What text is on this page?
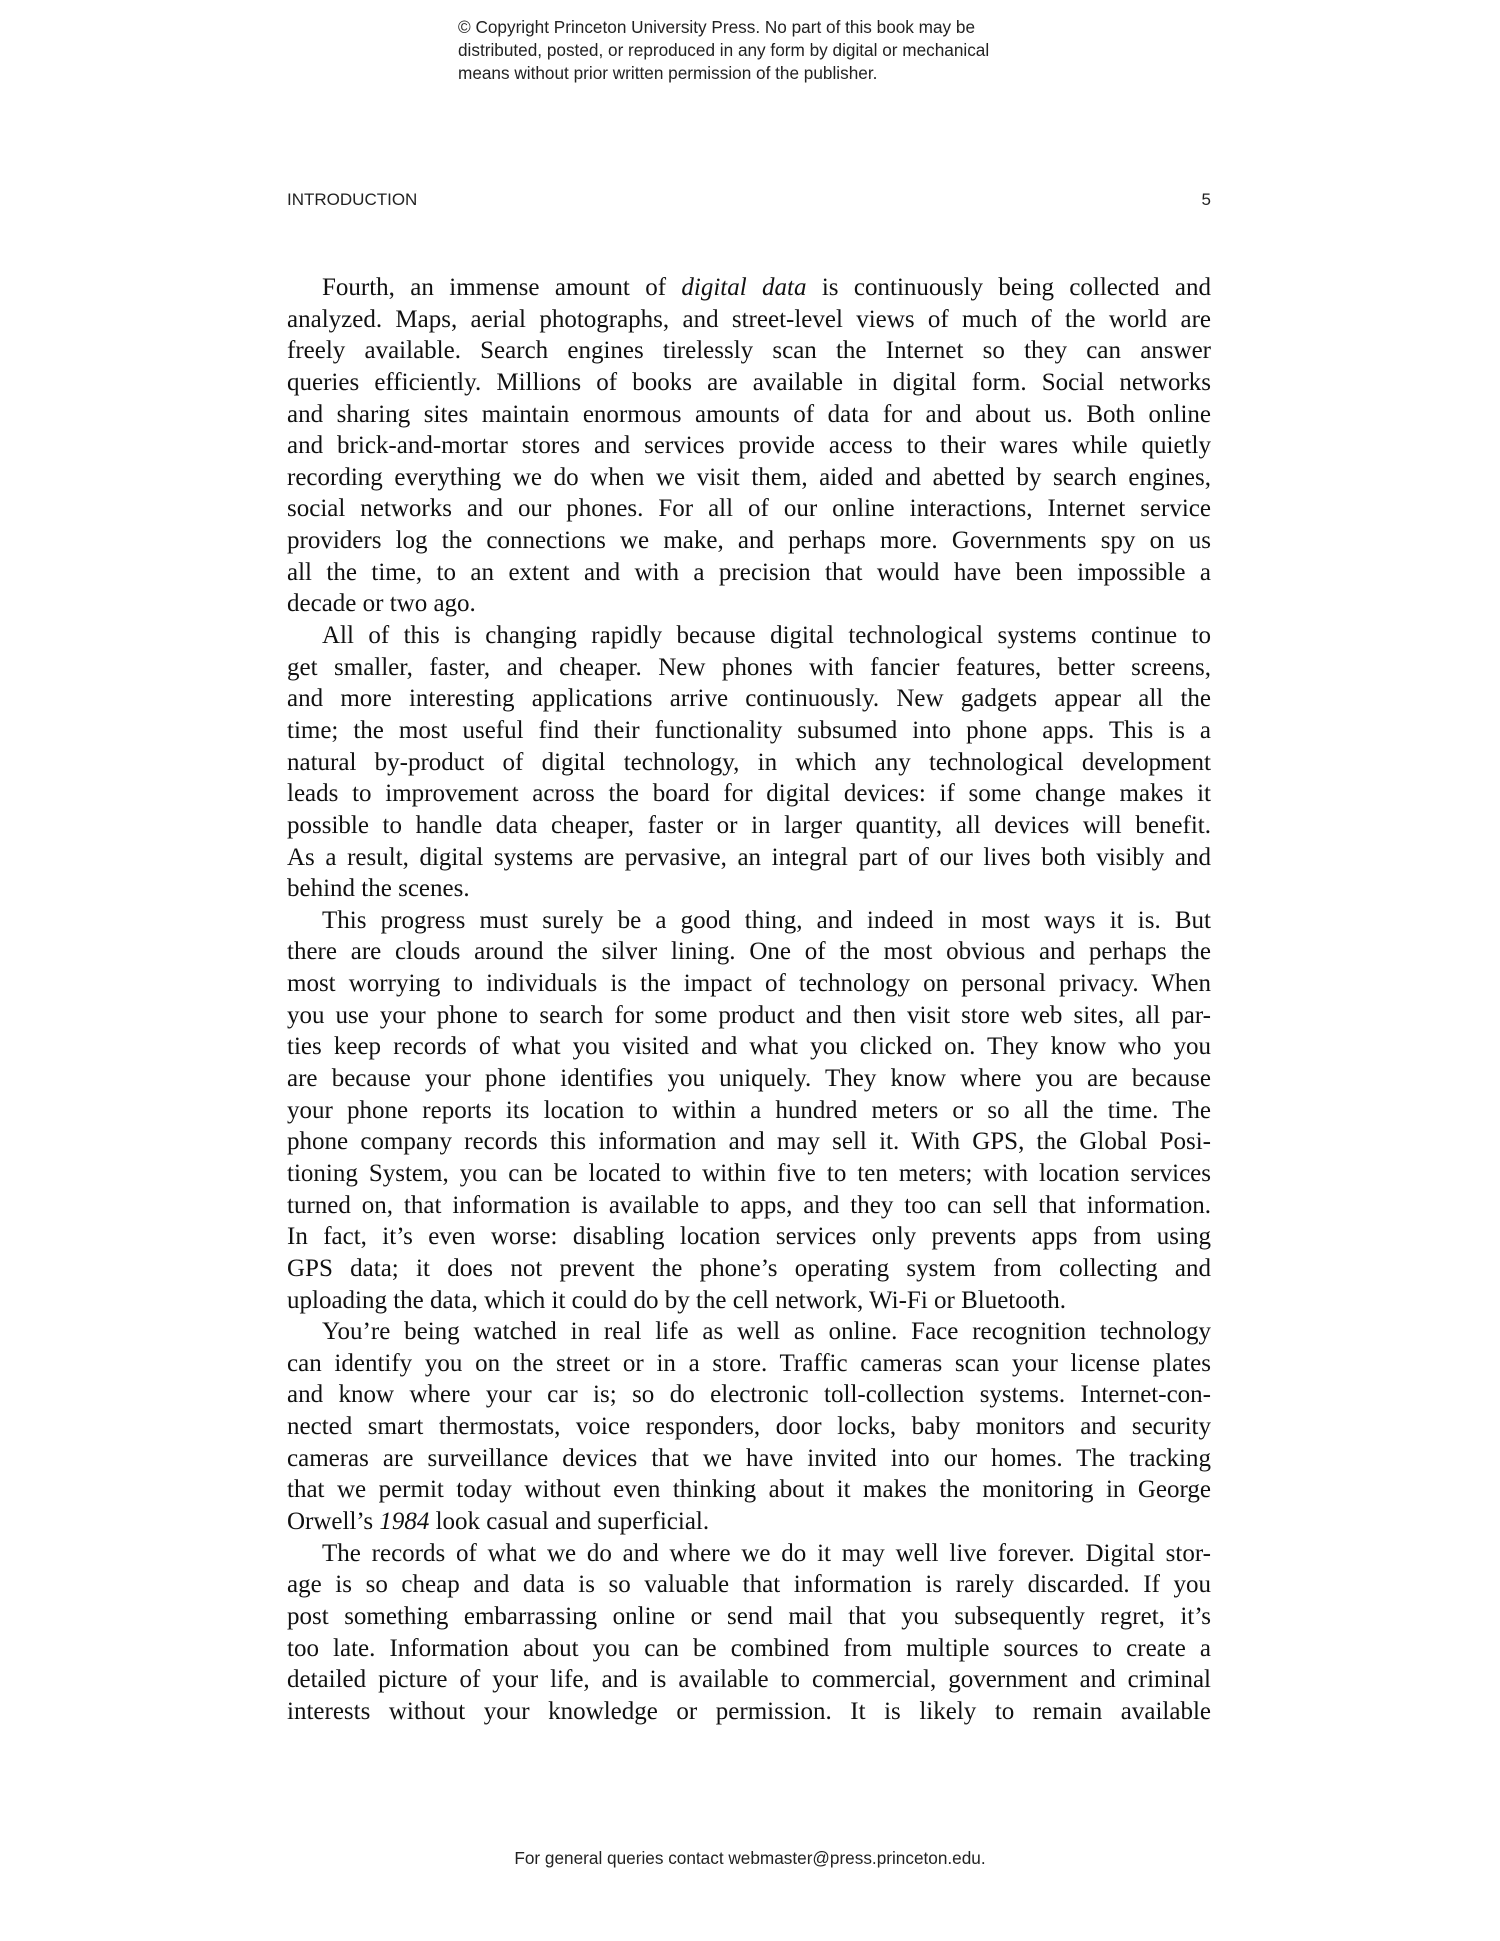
© Copyright Princeton University Press. No part of this book may be
distributed, posted, or reproduced in any form by digital or mechanical
means without prior written permission of the publisher.
INTRODUCTION	5
Fourth, an immense amount of digital data is continuously being collected and
analyzed. Maps, aerial photographs, and street-level views of much of the world are
freely available. Search engines tirelessly scan the Internet so they can answer
queries efficiently. Millions of books are available in digital form. Social networks
and sharing sites maintain enormous amounts of data for and about us. Both online
and brick-and-mortar stores and services provide access to their wares while quietly
recording everything we do when we visit them, aided and abetted by search engines,
social networks and our phones. For all of our online interactions, Internet service
providers log the connections we make, and perhaps more. Governments spy on us
all the time, to an extent and with a precision that would have been impossible a
decade or two ago.
All of this is changing rapidly because digital technological systems continue to
get smaller, faster, and cheaper. New phones with fancier features, better screens,
and more interesting applications arrive continuously. New gadgets appear all the
time; the most useful find their functionality subsumed into phone apps. This is a
natural by-product of digital technology, in which any technological development
leads to improvement across the board for digital devices: if some change makes it
possible to handle data cheaper, faster or in larger quantity, all devices will benefit.
As a result, digital systems are pervasive, an integral part of our lives both visibly and
behind the scenes.
This progress must surely be a good thing, and indeed in most ways it is. But
there are clouds around the silver lining. One of the most obvious and perhaps the
most worrying to individuals is the impact of technology on personal privacy. When
you use your phone to search for some product and then visit store web sites, all par-
ties keep records of what you visited and what you clicked on. They know who you
are because your phone identifies you uniquely. They know where you are because
your phone reports its location to within a hundred meters or so all the time. The
phone company records this information and may sell it. With GPS, the Global Posi-
tioning System, you can be located to within five to ten meters; with location services
turned on, that information is available to apps, and they too can sell that information.
In fact, it’s even worse: disabling location services only prevents apps from using
GPS data; it does not prevent the phone’s operating system from collecting and
uploading the data, which it could do by the cell network, Wi-Fi or Bluetooth.
You’re being watched in real life as well as online. Face recognition technology
can identify you on the street or in a store. Traffic cameras scan your license plates
and know where your car is; so do electronic toll-collection systems. Internet-con-
nected smart thermostats, voice responders, door locks, baby monitors and security
cameras are surveillance devices that we have invited into our homes. The tracking
that we permit today without even thinking about it makes the monitoring in George
Orwell’s 1984 look casual and superficial.
The records of what we do and where we do it may well live forever. Digital stor-
age is so cheap and data is so valuable that information is rarely discarded. If you
post something embarrassing online or send mail that you subsequently regret, it’s
too late. Information about you can be combined from multiple sources to create a
detailed picture of your life, and is available to commercial, government and criminal
interests without your knowledge or permission. It is likely to remain available
For general queries contact webmaster@press.princeton.edu.
